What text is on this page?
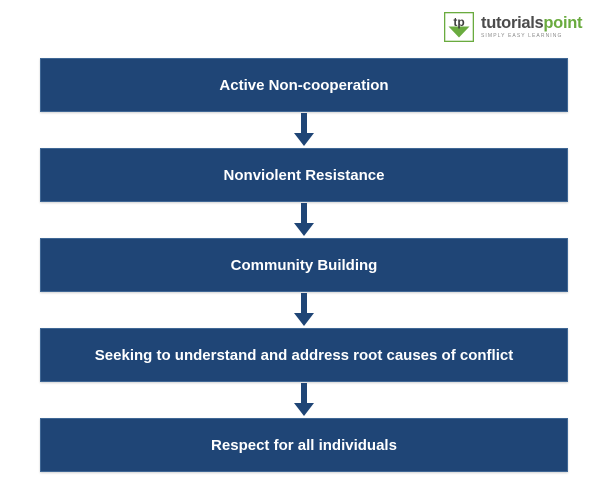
tp tutorialspoint
SIMPLY EASY LEARNING
Active Non-cooperation
Nonviolent Resistance
Community Building
Seeking to understand and address root causes of conflict
Respect for all individuals
